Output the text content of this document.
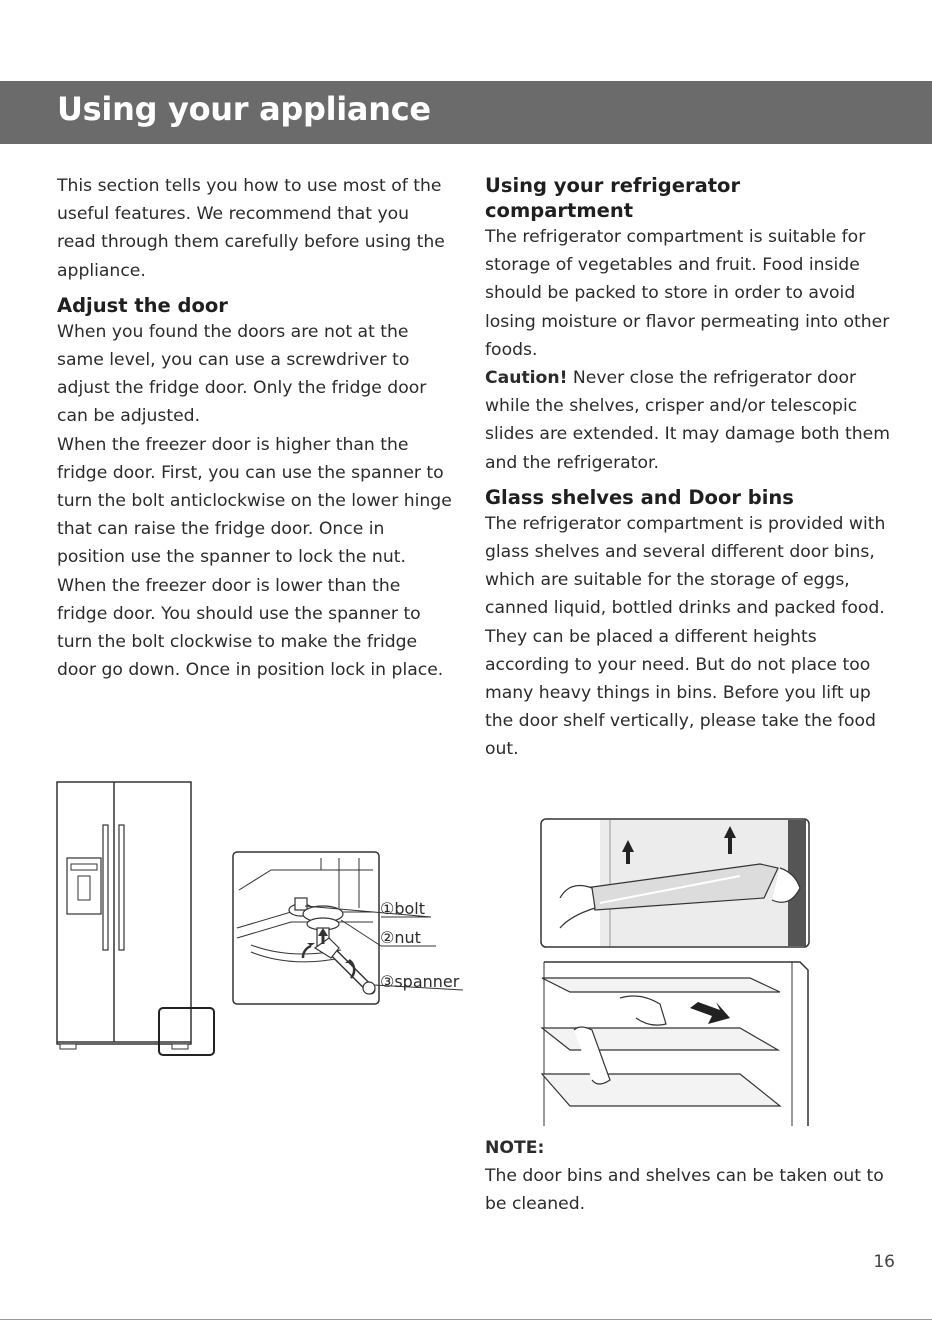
Using your appliance

This section tells you how to use most of the useful features. We recommend that you read through them carefully before using the appliance.

Adjust the door

When you found the doors are not at the same level, you can use a screwdriver to adjust the fridge door. Only the fridge door can be adjusted.

When the freezer door is higher than the fridge door. First, you can use the spanner to turn the bolt anticlockwise on the lower hinge that can raise the fridge door. Once in position use the spanner to lock the nut. When the freezer door is lower than the fridge door. You should use the spanner to turn the bolt clockwise to make the fridge door go down. Once in position lock in place.

Using your refrigerator compartment

The refrigerator compartment is suitable for storage of vegetables and fruit. Food inside should be packed to store in order to avoid losing moisture or flavor permeating into other foods.

Caution! Never close the refrigerator door while the shelves, crisper and/or telescopic slides are extended. It may damage both them and the refrigerator.

Glass shelves and Door bins

The refrigerator compartment is provided with glass shelves and several different door bins, which are suitable for the storage of eggs, canned liquid, bottled drinks and packed food. They can be placed a different heights according to your need. But do not place too many heavy things in bins. Before you lift up the door shelf vertically, please take the food out.

①bolt
②nut
③spanner

NOTE:

The door bins and shelves can be taken out to be cleaned.

16
